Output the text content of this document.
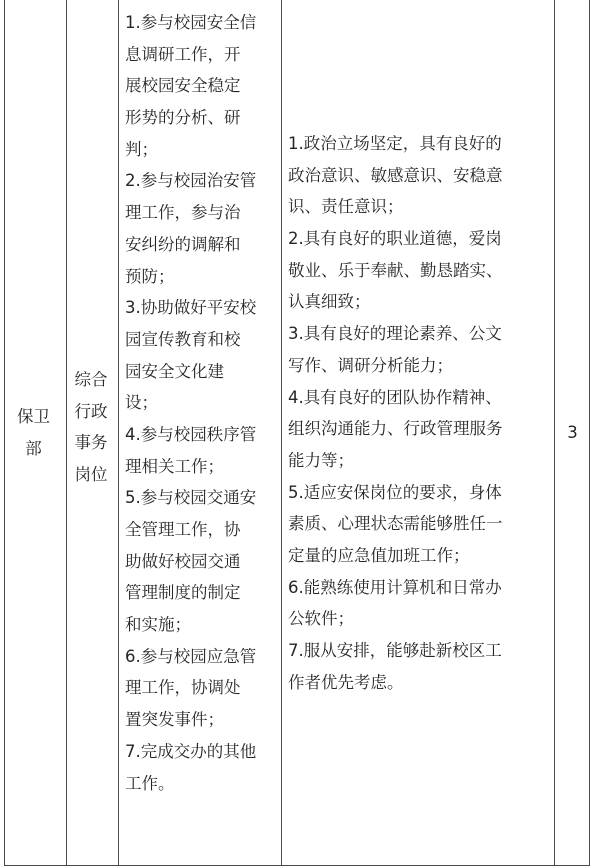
保卫
部
综合
行政
事务
岗位
1.参与校园安全信
息调研工作，开
展校园安全稳定
形势的分析、研
判；
2.参与校园治安管
理工作，参与治
安纠纷的调解和
预防；
3.协助做好平安校
园宣传教育和校
园安全文化建
设；
4.参与校园秩序管
理相关工作；
5.参与校园交通安
全管理工作，协
助做好校园交通
管理制度的制定
和实施；
6.参与校园应急管
理工作，协调处
置突发事件；
7.完成交办的其他
工作。
1.政治立场坚定，具有良好的
政治意识、敏感意识、安稳意
识、责任意识；
2.具有良好的职业道德，爱岗
敬业、乐于奉献、勤恳踏实、
认真细致；
3.具有良好的理论素养、公文
写作、调研分析能力；
4.具有良好的团队协作精神、
组织沟通能力、行政管理服务
能力等；
5.适应安保岗位的要求，身体
素质、心理状态需能够胜任一
定量的应急值加班工作；
6.能熟练使用计算机和日常办
公软件；
7.服从安排，能够赴新校区工
作者优先考虑。
3
